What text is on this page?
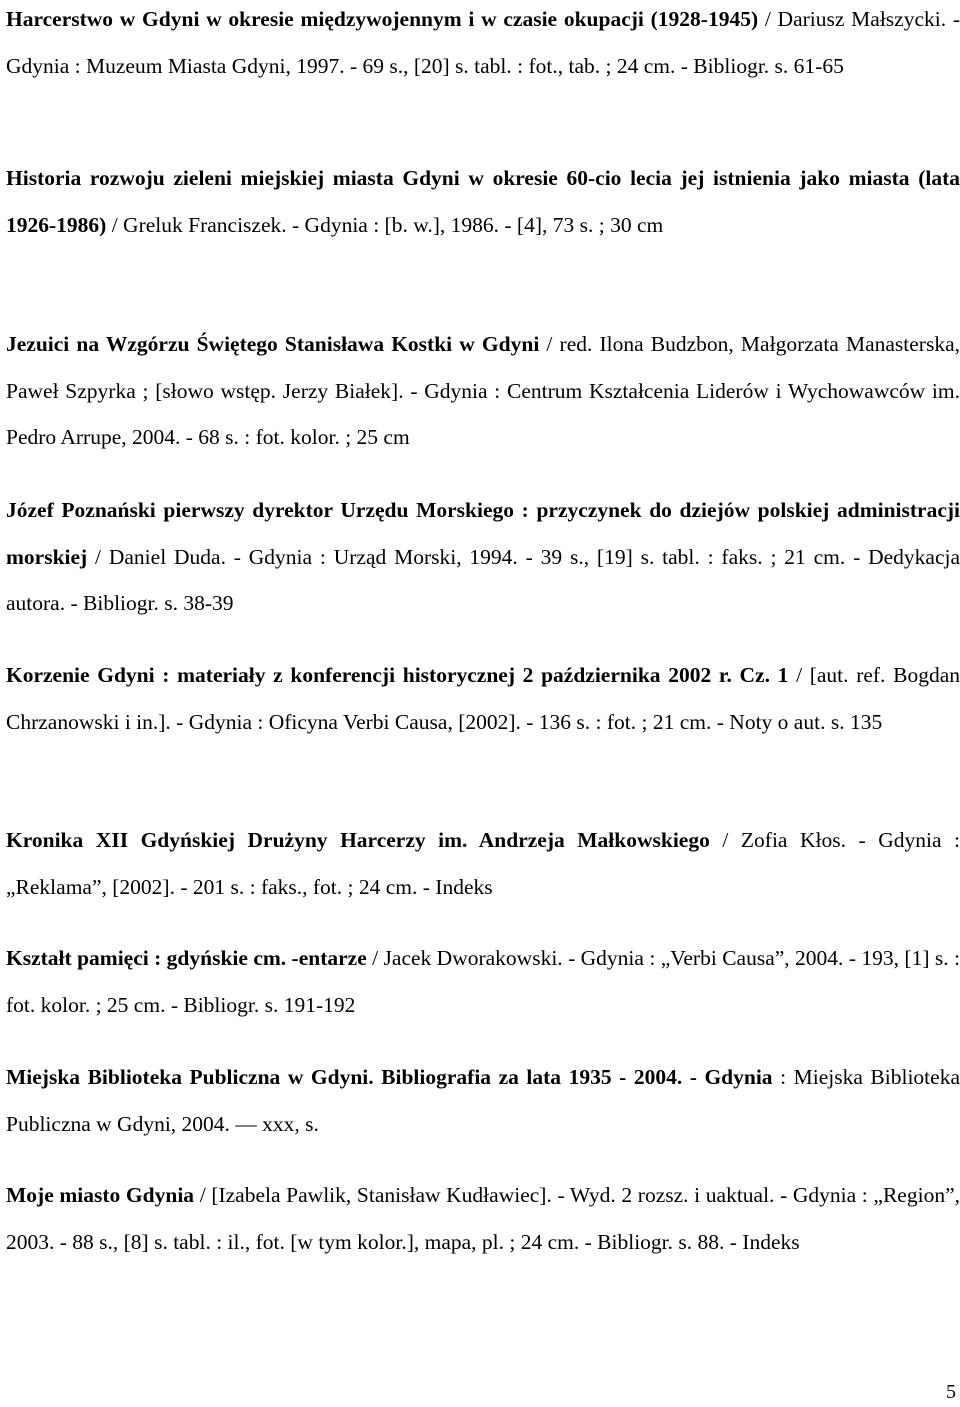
Harcerstwo w Gdyni w okresie międzywojennym i w czasie okupacji (1928-1945) / Dariusz Małszycki. - Gdynia : Muzeum Miasta Gdyni, 1997. - 69 s., [20] s. tabl. : fot., tab. ; 24 cm. - Bibliogr. s. 61-65

Historia rozwoju zieleni miejskiej miasta Gdyni w okresie 60-cio lecia jej istnienia jako miasta (lata 1926-1986) / Greluk Franciszek. - Gdynia : [b. w.], 1986. - [4], 73 s. ; 30 cm

Jezuici na Wzgórzu Świętego Stanisława Kostki w Gdyni / red. Ilona Budzbon, Małgorzata Manasterska, Paweł Szpyrka ; [słowo wstęp. Jerzy Białek]. - Gdynia : Centrum Kształcenia Liderów i Wychowawców im. Pedro Arrupe, 2004. - 68 s. : fot. kolor. ; 25 cm

Józef Poznański pierwszy dyrektor Urzędu Morskiego : przyczynek do dziejów polskiej administracji morskiej / Daniel Duda. - Gdynia : Urząd Morski, 1994. - 39 s., [19] s. tabl. : faks. ; 21 cm. - Dedykacja autora. - Bibliogr. s. 38-39

Korzenie Gdyni : materiały z konferencji historycznej 2 października 2002 r. Cz. 1 / [aut. ref. Bogdan Chrzanowski i in.]. - Gdynia : Oficyna Verbi Causa, [2002]. - 136 s. : fot. ; 21 cm. - Noty o aut. s. 135

Kronika XII Gdyńskiej Drużyny Harcerzy im. Andrzeja Małkowskiego / Zofia Kłos. - Gdynia : „Reklama”, [2002]. - 201 s. : faks., fot. ; 24 cm. - Indeks

Kształt pamięci : gdyńskie cm. -entarze / Jacek Dworakowski. - Gdynia : „Verbi Causa”, 2004. - 193, [1] s. : fot. kolor. ; 25 cm. - Bibliogr. s. 191-192

Miejska Biblioteka Publiczna w Gdyni. Bibliografia za lata 1935 - 2004. - Gdynia : Miejska Biblioteka Publiczna w Gdyni, 2004. — xxx, s.

Moje miasto Gdynia / [Izabela Pawlik, Stanisław Kudławiec]. - Wyd. 2 rozsz. i uaktual. - Gdynia : „Region”, 2003. - 88 s., [8] s. tabl. : il., fot. [w tym kolor.], mapa, pl. ; 24 cm. - Bibliogr. s. 88. - Indeks

5
